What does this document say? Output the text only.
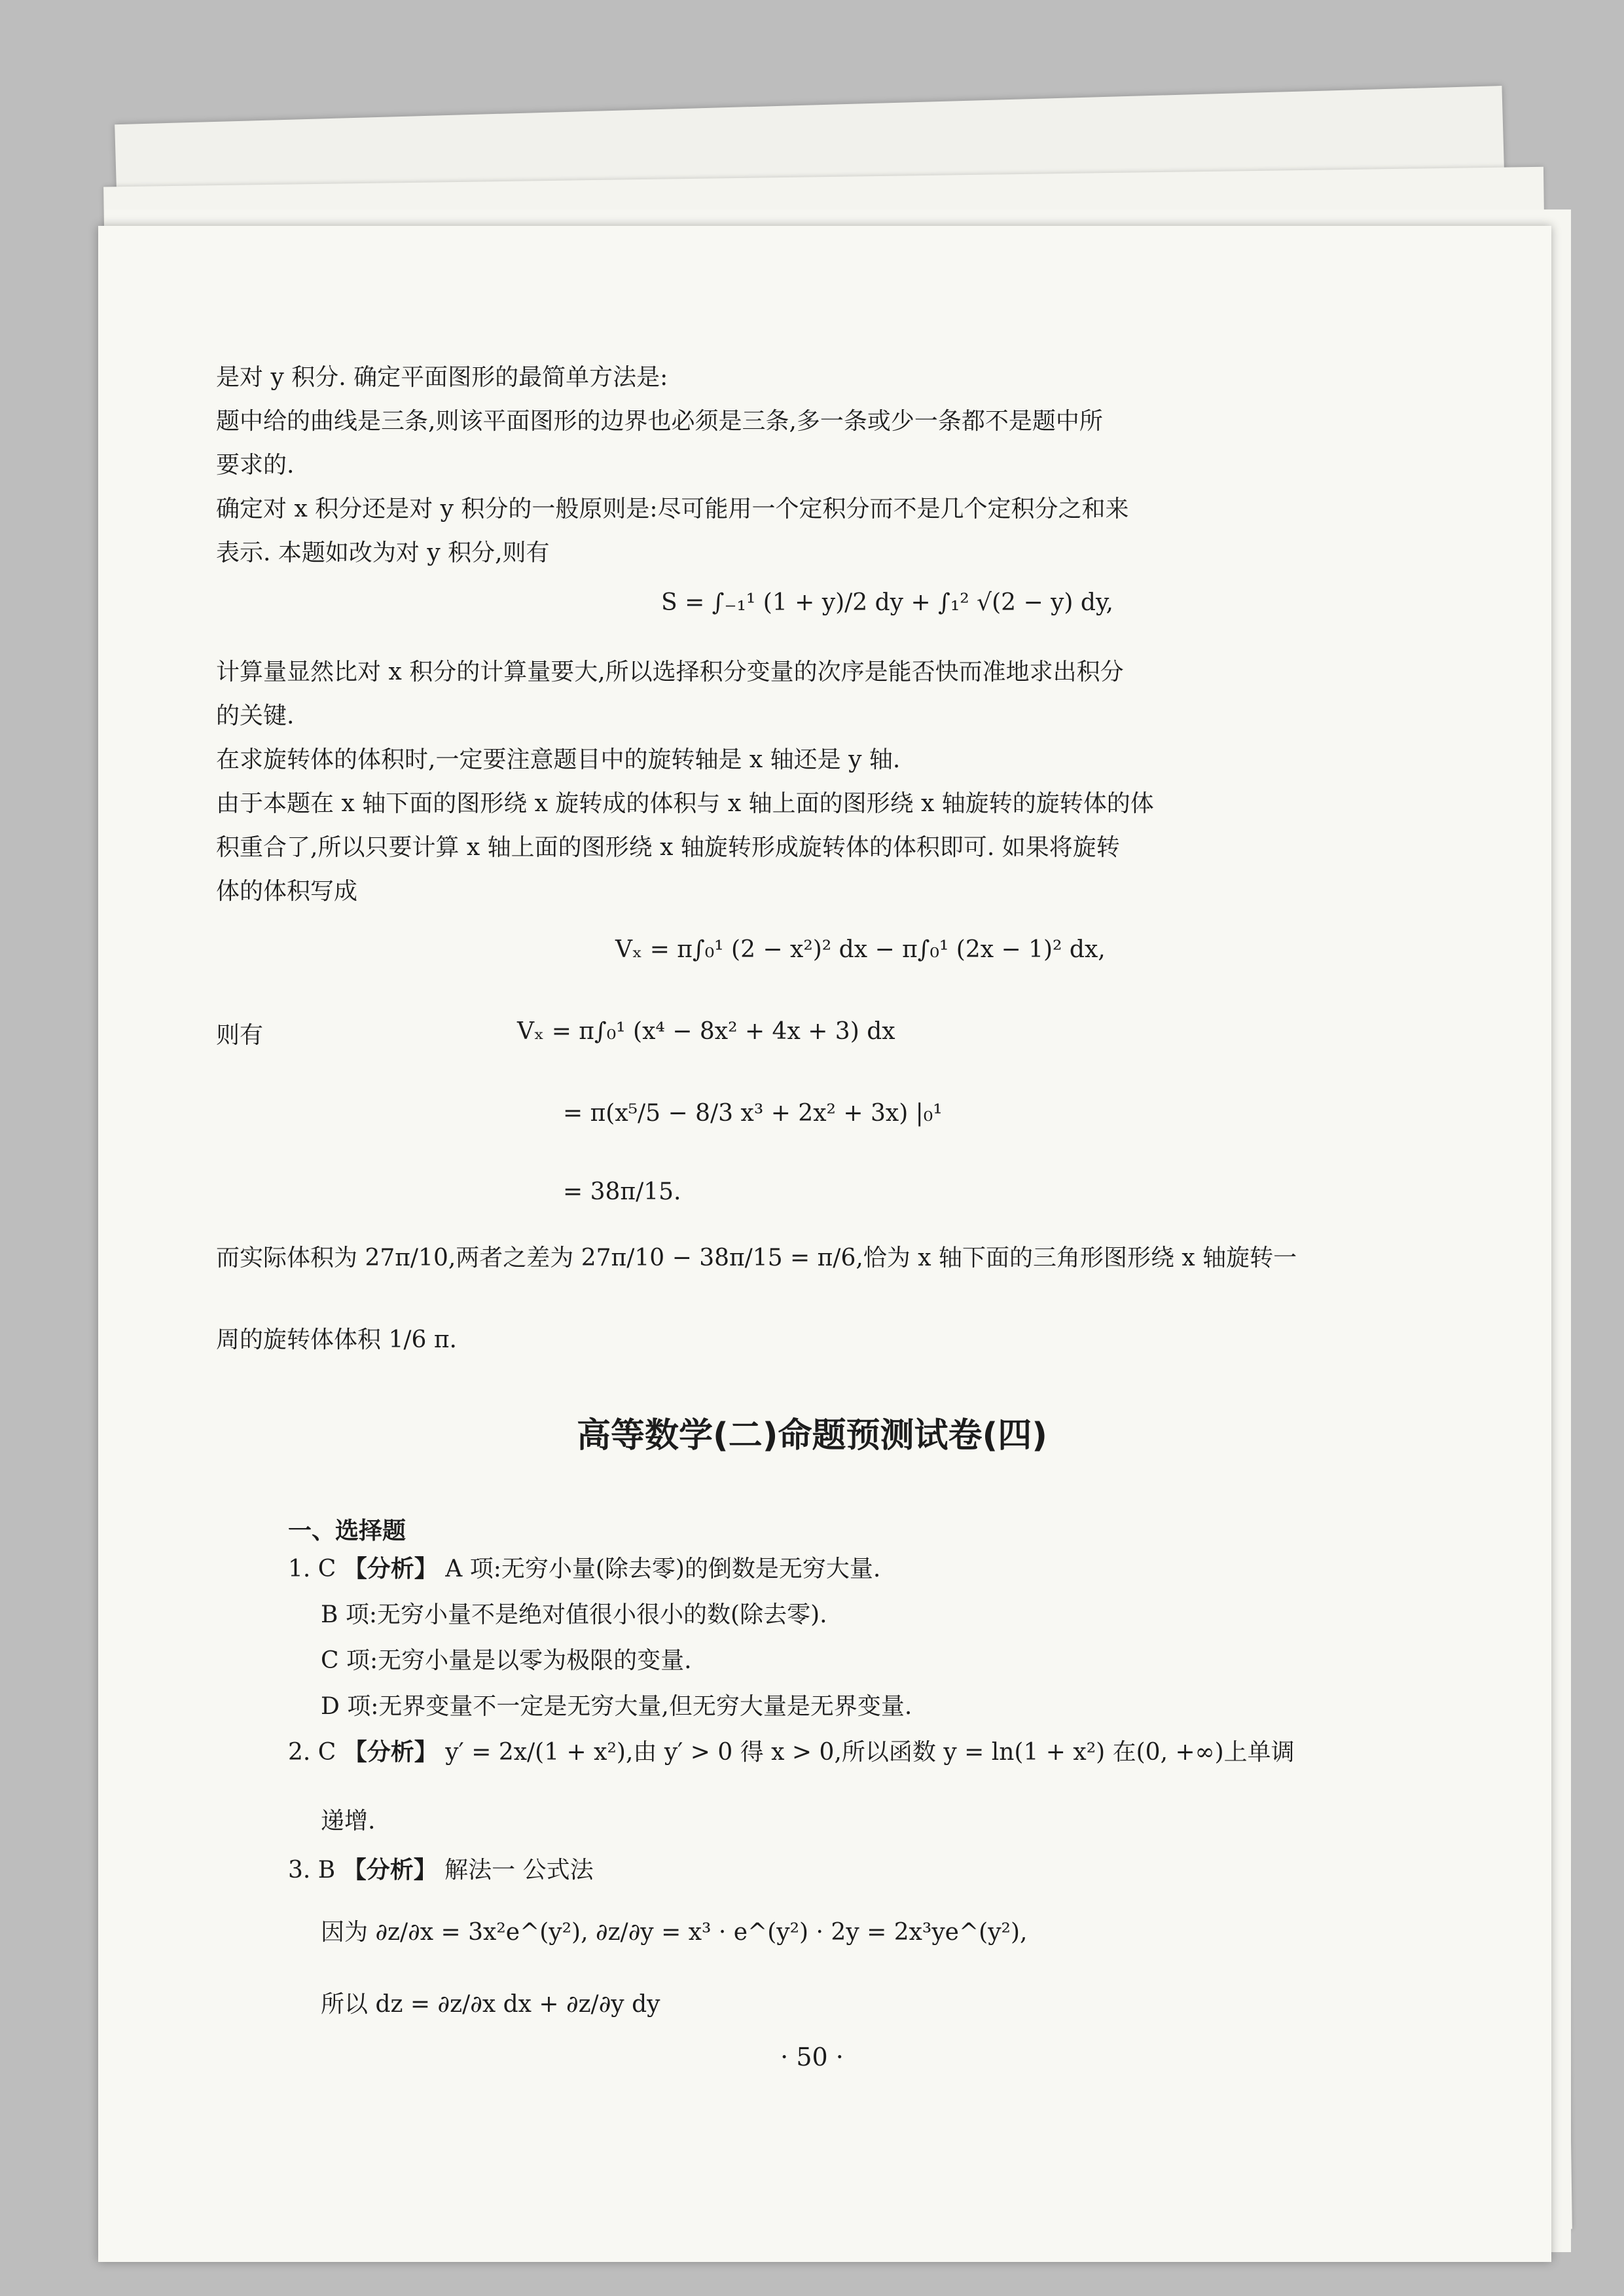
是对 y 积分. 确定平面图形的最简单方法是:
题中给的曲线是三条,则该平面图形的边界也必须是三条,多一条或少一条都不是题中所
要求的.
确定对 x 积分还是对 y 积分的一般原则是:尽可能用一个定积分而不是几个定积分之和来
表示. 本题如改为对 y 积分,则有
S = ∫₋₁¹ (1 + y)/2 dy + ∫₁² √(2 − y) dy,
计算量显然比对 x 积分的计算量要大,所以选择积分变量的次序是能否快而准地求出积分
的关键.
在求旋转体的体积时,一定要注意题目中的旋转轴是 x 轴还是 y 轴.
由于本题在 x 轴下面的图形绕 x 旋转成的体积与 x 轴上面的图形绕 x 轴旋转的旋转体的体
积重合了,所以只要计算 x 轴上面的图形绕 x 轴旋转形成旋转体的体积即可. 如果将旋转
体的体积写成
Vₓ = π∫₀¹ (2 − x²)² dx − π∫₀¹ (2x − 1)² dx,
则有	Vₓ = π∫₀¹ (x⁴ − 8x² + 4x + 3) dx
= π(x⁵/5 − 8/3 x³ + 2x² + 3x) |₀¹
= 38π/15.
而实际体积为 27π/10,两者之差为 27π/10 − 38π/15 = π/6,恰为 x 轴下面的三角形图形绕 x 轴旋转一
周的旋转体体积 1/6 π.
高等数学(二)命题预测试卷(四)
一、选择题
1. C 【分析】 A 项:无穷小量(除去零)的倒数是无穷大量.
B 项:无穷小量不是绝对值很小很小的数(除去零).
C 项:无穷小量是以零为极限的变量.
D 项:无界变量不一定是无穷大量,但无穷大量是无界变量.
2. C 【分析】 y′ = 2x/(1 + x²),由 y′ > 0 得 x > 0,所以函数 y = ln(1 + x²) 在(0, +∞)上单调
递增.
3. B 【分析】 解法一 公式法
因为 ∂z/∂x = 3x²e^(y²), ∂z/∂y = x³ · e^(y²) · 2y = 2x³ye^(y²),
所以 dz = ∂z/∂x dx + ∂z/∂y dy
· 50 ·
